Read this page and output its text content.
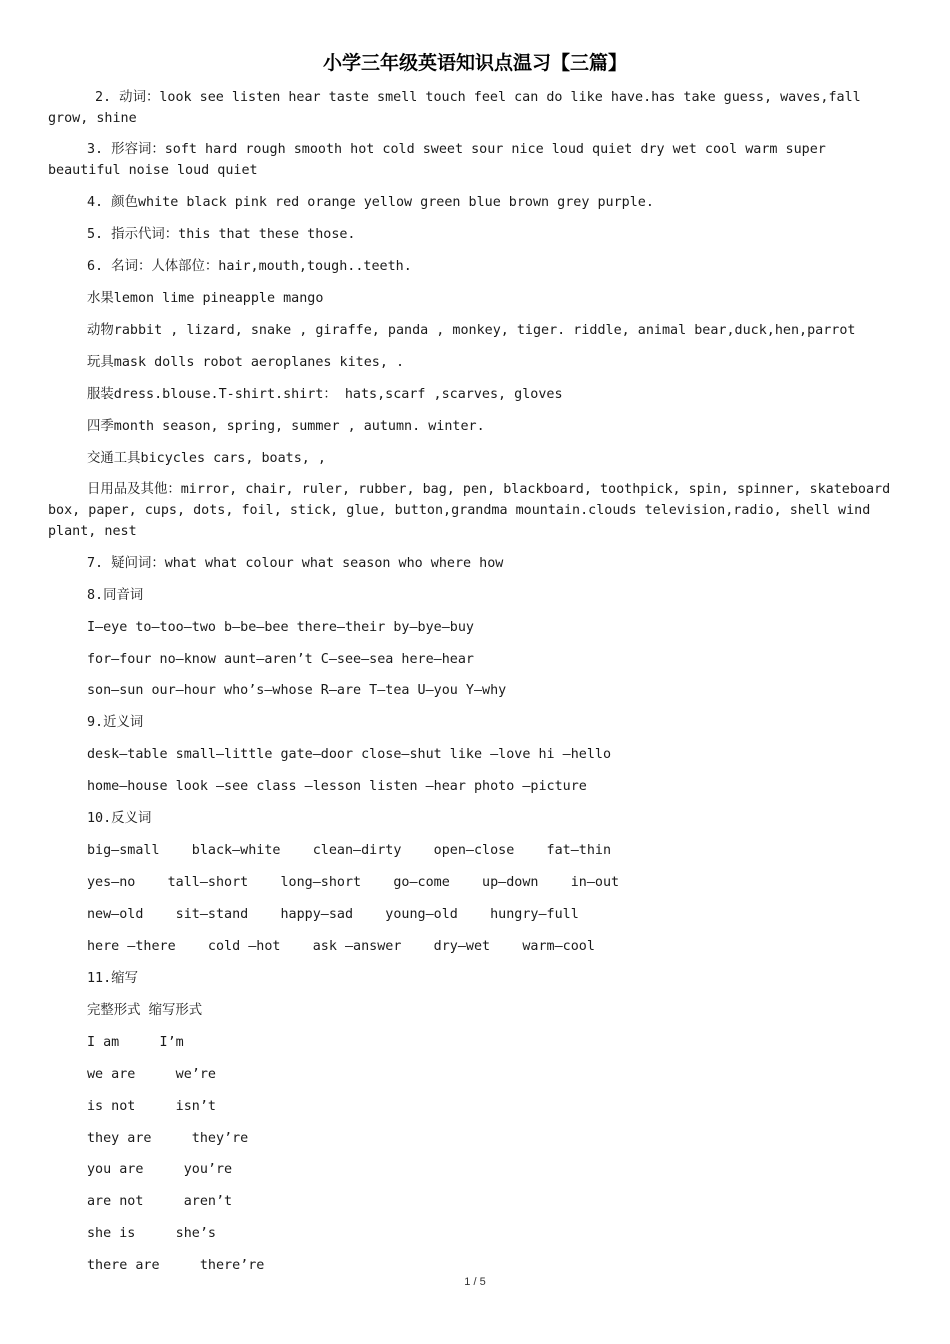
小学三年级英语知识点温习【三篇】
2. 动词：look see listen hear taste smell touch feel can do like have.has take guess, waves,fall grow, shine
3. 形容词：soft hard rough smooth hot cold sweet sour nice loud quiet dry wet cool warm super beautiful noise loud quiet
4. 颜色white black pink red orange yellow green blue brown grey purple.
5. 指示代词：this that these those.
6. 名词：人体部位：hair,mouth,tough..teeth.
水果lemon lime pineapple mango
动物rabbit , lizard, snake , giraffe, panda , monkey, tiger. riddle, animal bear,duck,hen,parrot
玩具mask dolls robot aeroplanes kites, .
服装dress.blouse.T-shirt.shirt： hats,scarf ,scarves, gloves
四季month season, spring, summer , autumn. winter.
交通工具bicycles cars, boats, ,
日用品及其他：mirror, chair, ruler, rubber, bag, pen, blackboard, toothpick, spin, spinner, skateboard box, paper, cups, dots, foil, stick, glue, button,grandma mountain.clouds television,radio, shell wind plant, nest
7. 疑问词：what what colour what season who where how
8.同音词
I—eye to—too—two b—be—bee there—their by—bye—buy
for—four no—know aunt—aren’t C—see—sea here—hear
son—sun our—hour who’s—whose R—are T—tea U—you Y—why
9.近义词
desk—table small—little gate—door close—shut like —love hi —hello
home—house look —see class —lesson listen —hear photo —picture
10.反义词
big—small    black—white    clean—dirty    open—close    fat—thin
yes—no    tall—short    long—short    go—come    up—down    in—out
new—old    sit—stand    happy—sad    young—old    hungry—full
here —there    cold —hot    ask —answer    dry—wet    warm—cool
11.缩写
完整形式 缩写形式
I am     I’m
we are     we’re
is not     isn’t
they are     they’re
you are     you’re
are not     aren’t
she is     she’s
there are     there’re
1 / 5
